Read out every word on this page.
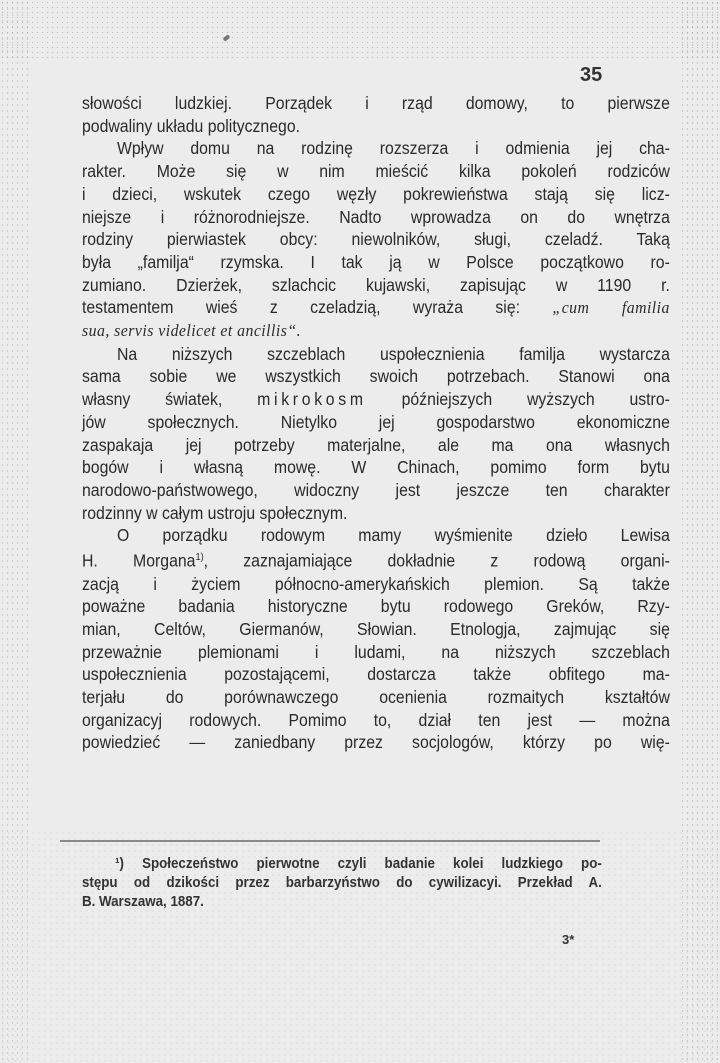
35
słowości ludzkiej. Porządek i rząd domowy, to pierwsze
podwaliny układu politycznego.
Wpływ domu na rodzinę rozszerza i odmienia jej cha-
rakter. Może się w nim mieścić kilka pokoleń rodziców
i dzieci, wskutek czego węzły pokrewieństwa stają się licz-
niejsze i różnorodniejsze. Nadto wprowadza on do wnętrza
rodziny pierwiastek obcy: niewolników, sługi, czeladź. Taką
była „familja“ rzymska. I tak ją w Polsce początkowo ro-
zumiano. Dzierżek, szlachcic kujawski, zapisując w 1190 r.
testamentem wieś z czeladzią, wyraża się: „cum familia
sua, servis videlicet et ancillis“.
Na niższych szczeblach uspołecznienia familja wystarcza
sama sobie we wszystkich swoich potrzebach. Stanowi ona
własny światek, mikrokosm późniejszych wyższych ustro-
jów społecznych. Nietylko jej gospodarstwo ekonomiczne
zaspakaja jej potrzeby materjalne, ale ma ona własnych
bogów i własną mowę. W Chinach, pomimo form bytu
narodowo-państwowego, widoczny jest jeszcze ten charakter
rodzinny w całym ustroju społecznym.
O porządku rodowym mamy wyśmienite dzieło Lewisa
H. Morgana$^{1)}$, zaznajamiające dokładnie z rodową organi-
zacją i życiem północno-amerykańskich plemion. Są także
poważne badania historyczne bytu rodowego Greków, Rzy-
mian, Celtów, Giermanów, Słowian. Etnologja, zajmując się
przeważnie plemionami i ludami, na niższych szczeblach
uspołecznienia pozostającemi, dostarcza także obfitego ma-
terjału do porównawczego ocenienia rozmaitych kształtów
organizacyj rodowych. Pomimo to, dział ten jest — można
powiedzieć — zaniedbany przez socjologów, którzy po wię-
¹) Społeczeństwo pierwotne czyli badanie kolei ludzkiego po-
stępu od dzikości przez barbarzyństwo do cywilizacyi. Przekład A.
B. Warszawa, 1887.
3*
